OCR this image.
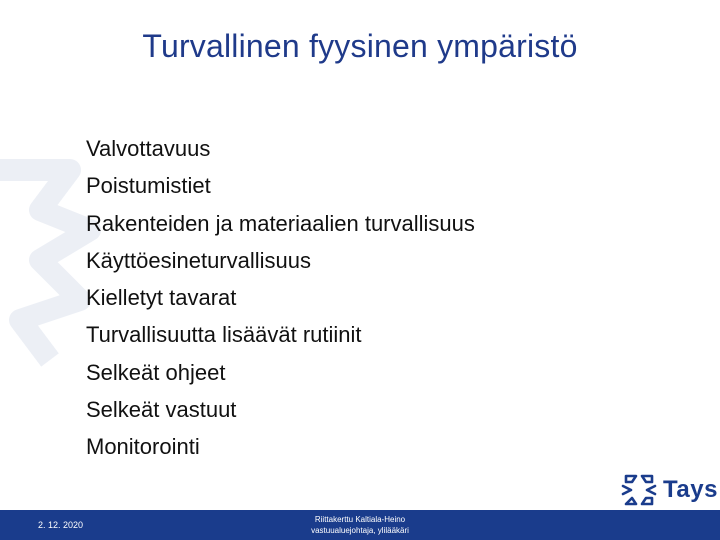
Turvallinen fyysinen ympäristö
Valvottavuus
Poistumistiet
Rakenteiden ja materiaalien turvallisuus
Käyttöesineturvallisuus
Kielletyt tavarat
Turvallisuutta lisäävät rutiinit
Selkeät ohjeet
Selkeät vastuut
Monitorointi
Tays
2. 12. 2020
Riittakerttu Kaltiala-Heino
vastuualuejohtaja, ylilääkäri
